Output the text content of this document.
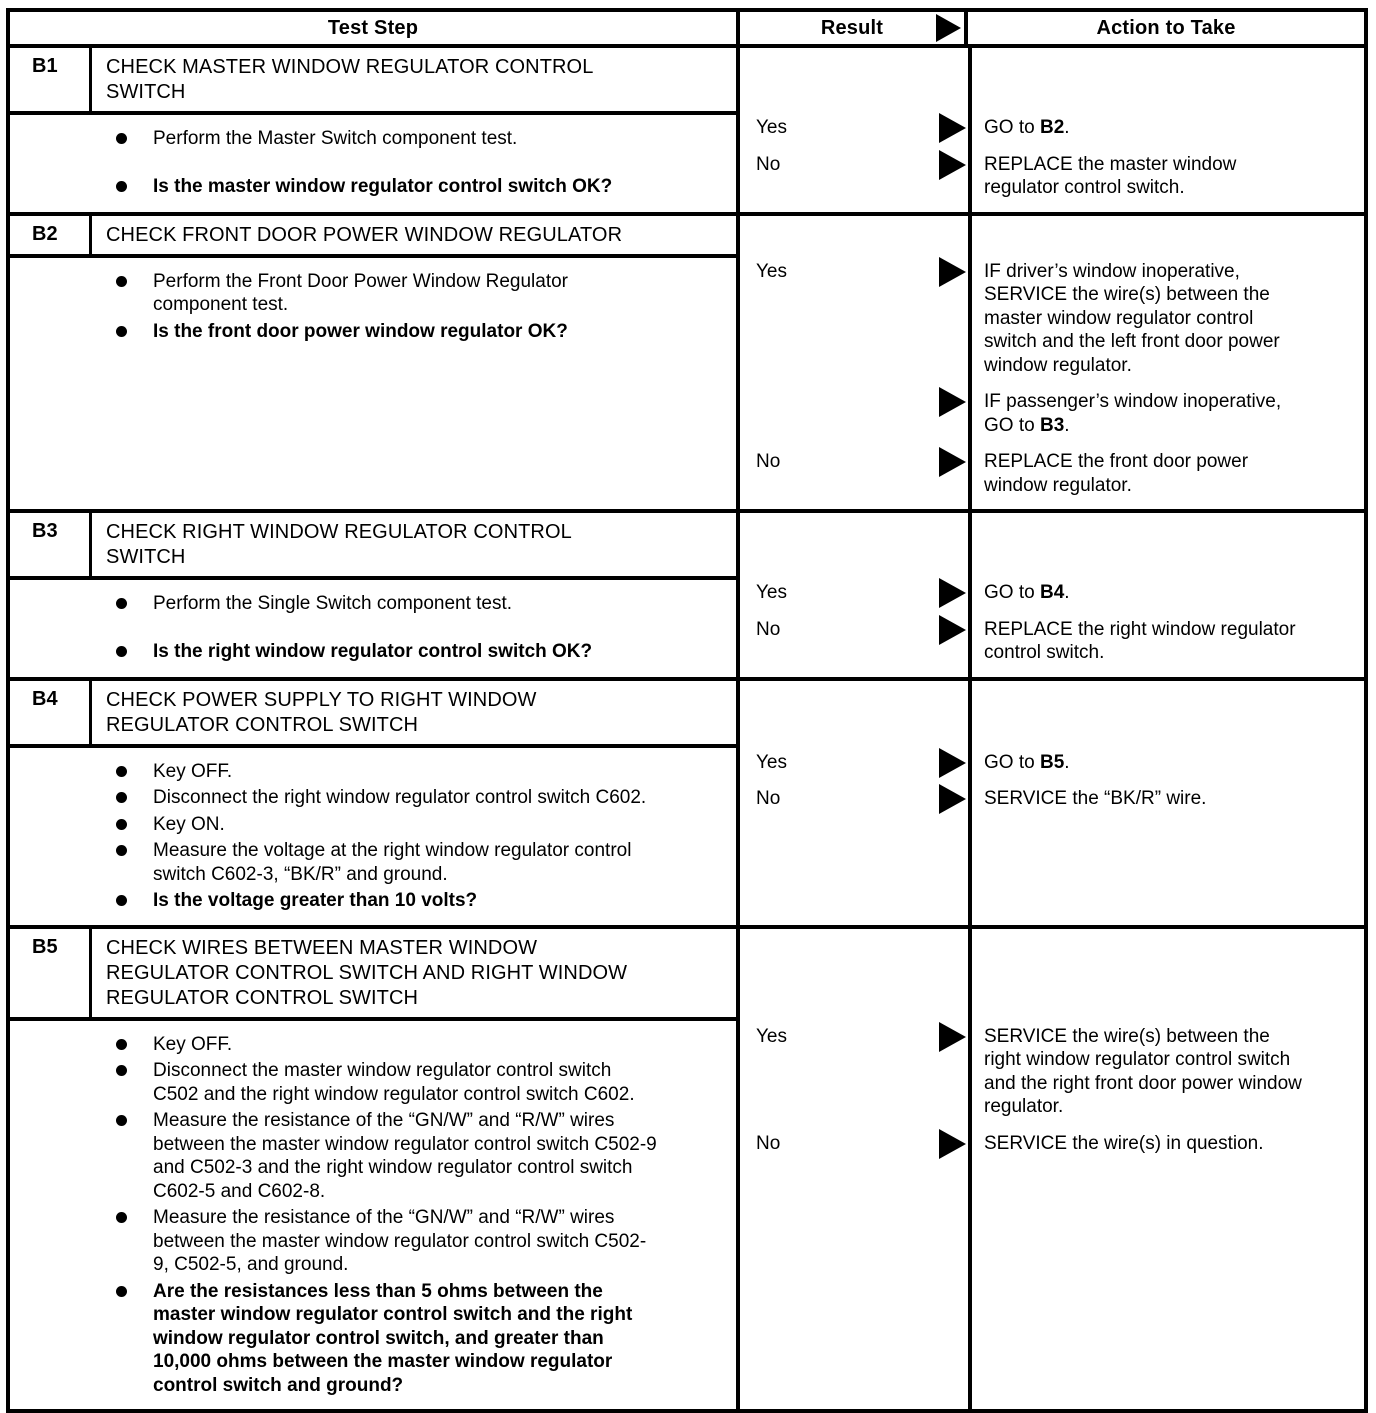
Test Step	Result	Action to Take
B1	CHECK MASTER WINDOW REGULATOR CONTROL
SWITCH
Perform the Master Switch component test.
Is the master window regulator control switch OK?
Yes	GO to B2.
No	REPLACE the master window regulator control switch.
B2	CHECK FRONT DOOR POWER WINDOW REGULATOR
Perform the Front Door Power Window Regulator component test.
Is the front door power window regulator OK?
Yes	IF driver’s window inoperative, SERVICE the wire(s) between the master window regulator control switch and the left front door power window regulator.
IF passenger’s window inoperative, GO to B3.
No	REPLACE the front door power window regulator.
B3	CHECK RIGHT WINDOW REGULATOR CONTROL
SWITCH
Perform the Single Switch component test.
Is the right window regulator control switch OK?
Yes	GO to B4.
No	REPLACE the right window regulator control switch.
B4	CHECK POWER SUPPLY TO RIGHT WINDOW
REGULATOR CONTROL SWITCH
Key OFF.
Disconnect the right window regulator control switch C602.
Key ON.
Measure the voltage at the right window regulator control switch C602-3, “BK/R” and ground.
Is the voltage greater than 10 volts?
Yes	GO to B5.
No	SERVICE the “BK/R” wire.
B5	CHECK WIRES BETWEEN MASTER WINDOW
REGULATOR CONTROL SWITCH AND RIGHT WINDOW
REGULATOR CONTROL SWITCH
Key OFF.
Disconnect the master window regulator control switch C502 and the right window regulator control switch C602.
Measure the resistance of the “GN/W” and “R/W” wires between the master window regulator control switch C502-9 and C502-3 and the right window regulator control switch C602-5 and C602-8.
Measure the resistance of the “GN/W” and “R/W” wires between the master window regulator control switch C502-9, C502-5, and ground.
Are the resistances less than 5 ohms between the master window regulator control switch and the right window regulator control switch, and greater than 10,000 ohms between the master window regulator control switch and ground?
Yes	SERVICE the wire(s) between the right window regulator control switch and the right front door power window regulator.
No	SERVICE the wire(s) in question.
